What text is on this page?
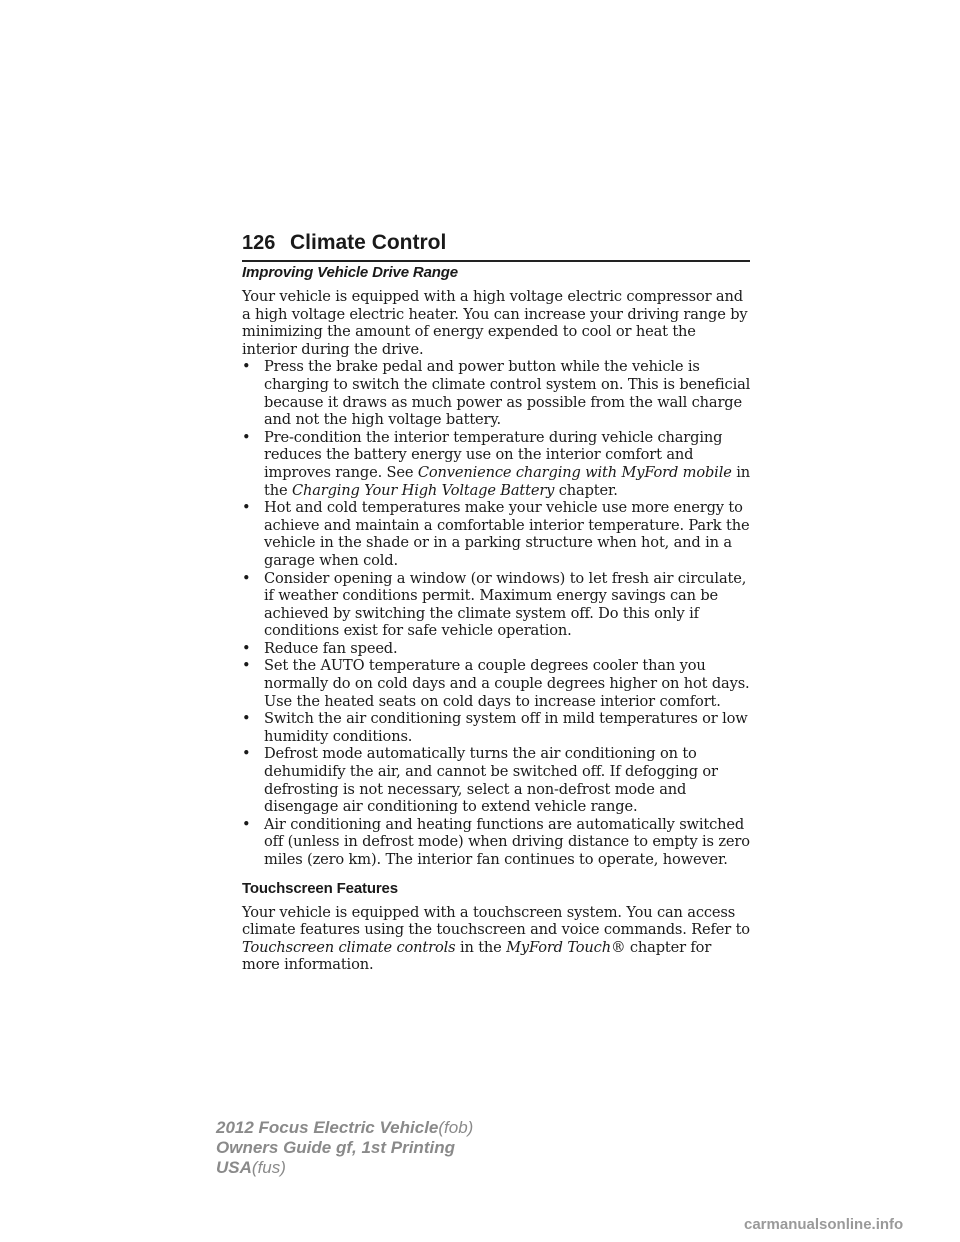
126 Climate Control
Improving Vehicle Drive Range

Your vehicle is equipped with a high voltage electric compressor and a high voltage electric heater. You can increase your driving range by minimizing the amount of energy expended to cool or heat the interior during the drive.

• Press the brake pedal and power button while the vehicle is charging to switch the climate control system on. This is beneficial because it draws as much power as possible from the wall charge and not the high voltage battery.
• Pre-condition the interior temperature during vehicle charging reduces the battery energy use on the interior comfort and improves range. See Convenience charging with MyFord mobile in the Charging Your High Voltage Battery chapter.
• Hot and cold temperatures make your vehicle use more energy to achieve and maintain a comfortable interior temperature. Park the vehicle in the shade or in a parking structure when hot, and in a garage when cold.
• Consider opening a window (or windows) to let fresh air circulate, if weather conditions permit. Maximum energy savings can be achieved by switching the climate system off. Do this only if conditions exist for safe vehicle operation.
• Reduce fan speed.
• Set the AUTO temperature a couple degrees cooler than you normally do on cold days and a couple degrees higher on hot days. Use the heated seats on cold days to increase interior comfort.
• Switch the air conditioning system off in mild temperatures or low humidity conditions.
• Defrost mode automatically turns the air conditioning on to dehumidify the air, and cannot be switched off. If defogging or defrosting is not necessary, select a non-defrost mode and disengage air conditioning to extend vehicle range.
• Air conditioning and heating functions are automatically switched off (unless in defrost mode) when driving distance to empty is zero miles (zero km). The interior fan continues to operate, however.
Touchscreen Features

Your vehicle is equipped with a touchscreen system. You can access climate features using the touchscreen and voice commands. Refer to Touchscreen climate controls in the MyFord Touch® chapter for more information.

2012 Focus Electric Vehicle(fob)
Owners Guide gf, 1st Printing
USA(fus)
carmanualsonline.info
